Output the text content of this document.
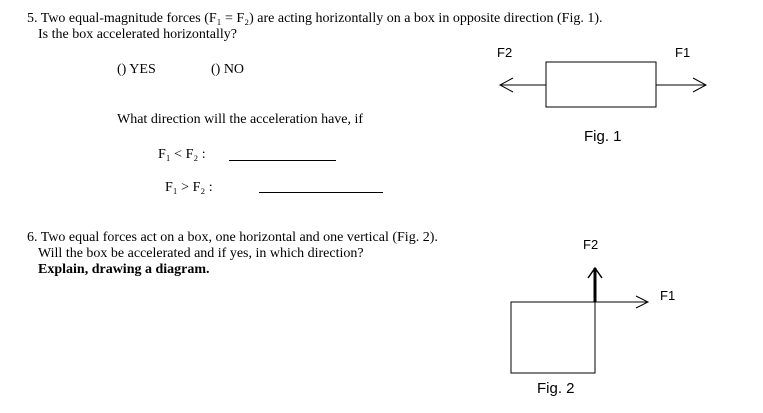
5. Two equal-magnitude forces (F₁ = F₂) are acting horizontally on a box in opposite direction (Fig. 1).
Is the box accelerated horizontally?
() YES	() NO
What direction will the acceleration have, if
F₁ < F₂ :
F₁ > F₂ :
F2	F1
Fig. 1
6. Two equal forces act on a box, one horizontal and one vertical (Fig. 2).
Will the box be accelerated and if yes, in which direction?
Explain, drawing a diagram.
F2
F1
Fig. 2
